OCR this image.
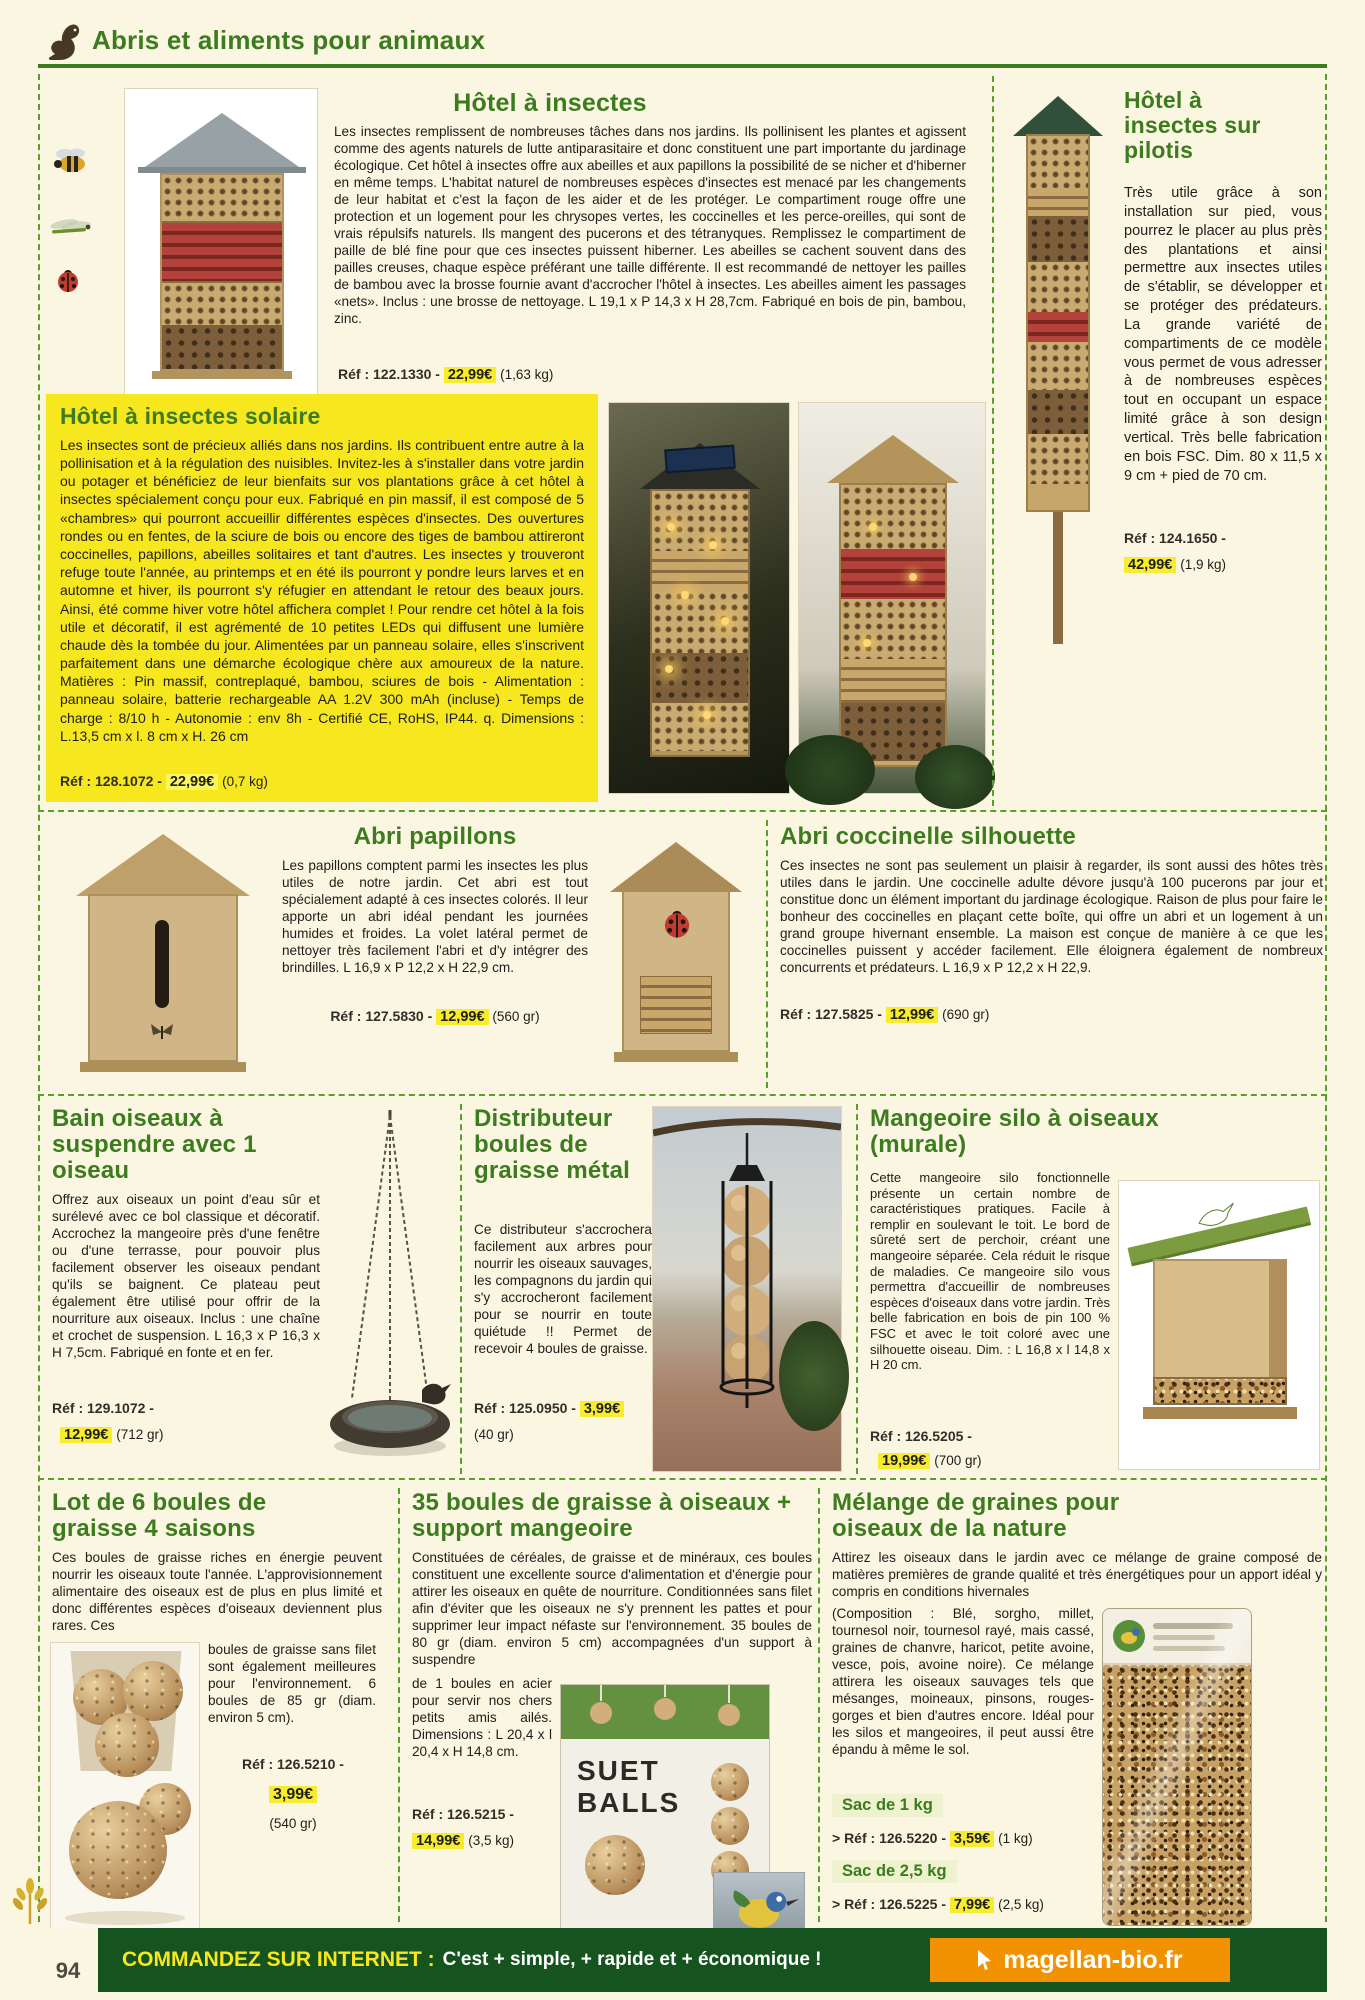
Abris et aliments pour animaux
Hôtel à insectes
Les insectes remplissent de nombreuses tâches dans nos jardins. Ils pollinisent les plantes et agissent comme des agents naturels de lutte antiparasitaire et donc constituent une part importante du jardinage écologique. Cet hôtel à insectes offre aux abeilles et aux papillons la possibilité de se nicher et d'hiberner en même temps. L'habitat naturel de nombreuses espèces d'insectes est menacé par les changements de leur habitat et c'est la façon de les aider et de les protéger. Le compartiment rouge offre une protection et un logement pour les chrysopes vertes, les coccinelles et les perce-oreilles, qui sont de vrais répulsifs naturels. Ils mangent des pucerons et des tétranyques. Remplissez le compartiment de paille de blé fine pour que ces insectes puissent hiberner. Les abeilles se cachent souvent dans des pailles creuses, chaque espèce préférant une taille différente. Il est recommandé de nettoyer les pailles de bambou avec la brosse fournie avant d'accrocher l'hôtel à insectes. Les abeilles aiment les passages «nets». Inclus : une brosse de nettoyage. L 19,1 x P 14,3 x H 28,7cm. Fabriqué en bois de pin, bambou, zinc.
Réf : 122.1330 - 22,99€ (1,63 kg)
Hôtel à insectes solaire
Les insectes sont de précieux alliés dans nos jardins. Ils contribuent entre autre à la pollinisation et à la régulation des nuisibles. Invitez-les à s'installer dans votre jardin ou potager et bénéficiez de leur bienfaits sur vos plantations grâce à cet hôtel à insectes spécialement conçu pour eux. Fabriqué en pin massif, il est composé de 5 «chambres» qui pourront accueillir différentes espèces d'insectes. Des ouvertures rondes ou en fentes, de la sciure de bois ou encore des tiges de bambou attireront coccinelles, papillons, abeilles solitaires et tant d'autres. Les insectes y trouveront refuge toute l'année, au printemps et en été ils pourront y pondre leurs larves et en automne et hiver, ils pourront s'y réfugier en attendant le retour des beaux jours. Ainsi, été comme hiver votre hôtel affichera complet ! Pour rendre cet hôtel à la fois utile et décoratif, il est agrémenté de 10 petites LEDs qui diffusent une lumière chaude dès la tombée du jour. Alimentées par un panneau solaire, elles s'inscrivent parfaitement dans une démarche écologique chère aux amoureux de la nature. Matières : Pin massif, contreplaqué, bambou, sciures de bois - Alimentation : panneau solaire, batterie rechargeable AA 1.2V 300 mAh (incluse) - Temps de charge : 8/10 h - Autonomie : env 8h - Certifié CE, RoHS, IP44. q. Dimensions : L.13,5 cm x l. 8 cm x H. 26 cm
Réf : 128.1072 - 22,99€ (0,7 kg)
Hôtel à insectes sur pilotis
Très utile grâce à son installation sur pied, vous pourrez le placer au plus près des plantations et ainsi permettre aux insectes utiles de s'établir, se développer et se protéger des prédateurs. La grande variété de compartiments de ce modèle vous permet de vous adresser à de nombreuses espèces tout en occupant un espace limité grâce à son design vertical. Très belle fabrication en bois FSC. Dim. 80 x 11,5 x 9 cm + pied de 70 cm.
Réf : 124.1650 -
42,99€ (1,9 kg)
Abri papillons
Les papillons comptent parmi les insectes les plus utiles de notre jardin. Cet abri est tout spécialement adapté à ces insectes colorés. Il leur apporte un abri idéal pendant les journées humides et froides. La volet latéral permet de nettoyer très facilement l'abri et d'y intégrer des brindilles. L 16,9 x P 12,2 x H 22,9 cm.
Réf : 127.5830 - 12,99€ (560 gr)
Abri coccinelle silhouette
Ces insectes ne sont pas seulement un plaisir à regarder, ils sont aussi des hôtes très utiles dans le jardin. Une coccinelle adulte dévore jusqu'à 100 pucerons par jour et constitue donc un élément important du jardinage écologique. Raison de plus pour faire le bonheur des coccinelles en plaçant cette boîte, qui offre un abri et un logement à un grand groupe hivernant ensemble. La maison est conçue de manière à ce que les coccinelles puissent y accéder facilement. Elle éloignera également de nombreux concurrents et prédateurs. L 16,9 x P 12,2 x H 22,9.
Réf : 127.5825 - 12,99€ (690 gr)
Bain oiseaux à suspendre avec 1 oiseau
Offrez aux oiseaux un point d'eau sûr et surélevé avec ce bol classique et décoratif. Accrochez la mangeoire près d'une fenêtre ou d'une terrasse, pour pouvoir plus facilement observer les oiseaux pendant qu'ils se baignent. Ce plateau peut également être utilisé pour offrir de la nourriture aux oiseaux. Inclus : une chaîne et crochet de suspension. L 16,3 x P 16,3 x H 7,5cm. Fabriqué en fonte et en fer.
Réf : 129.1072 -
12,99€ (712 gr)
Distributeur boules de graisse métal
Ce distributeur s'accrochera facilement aux arbres pour nourrir les oiseaux sauvages, les compagnons du jardin qui s'y accrocheront facilement pour se nourrir en toute quiétude !! Permet de recevoir 4 boules de graisse.
Réf : 125.0950 - 3,99€
(40 gr)
Mangeoire silo à oiseaux (murale)
Cette mangeoire silo fonctionnelle présente un certain nombre de caractéristiques pratiques. Facile à remplir en soulevant le toit. Le bord de sûreté sert de perchoir, créant une mangeoire séparée. Cela réduit le risque de maladies. Ce mangeoire silo vous permettra d'accueillir de nombreuses espèces d'oiseaux dans votre jardin. Très belle fabrication en bois de pin 100 % FSC et avec le toit coloré avec une silhouette oiseau. Dim. : L 16,8 x l 14,8 x H 20 cm.
Réf : 126.5205 -
19,99€ (700 gr)
Lot de 6 boules de graisse 4 saisons
Ces boules de graisse riches en énergie peuvent nourrir les oiseaux toute l'année. L'approvisionnement alimentaire des oiseaux est de plus en plus limité et donc différentes espèces d'oiseaux deviennent plus rares. Ces
boules de graisse sans filet sont également meilleures pour l'environnement. 6 boules de 85 gr (diam. environ 5 cm).
Réf : 126.5210 -
3,99€
(540 gr)
35 boules de graisse à oiseaux + support mangeoire
Constituées de céréales, de graisse et de minéraux, ces boules constituent une excellente source d'alimentation et d'énergie pour attirer les oiseaux en quête de nourriture. Conditionnées sans filet afin d'éviter que les oiseaux ne s'y prennent les pattes et pour supprimer leur impact néfaste sur l'environnement. 35 boules de 80 gr (diam. environ 5 cm) accompagnées d'un support à suspendre
de 1 boules en acier pour servir nos chers petits amis ailés. Dimensions : L 20,4 x l 20,4 x H 14,8 cm.
Réf : 126.5215 -
14,99€ (3,5 kg)
SUET
BALLS
Mélange de graines pour oiseaux de la nature
Attirez les oiseaux dans le jardin avec ce mélange de graine composé de matières premières de grande qualité et très énergétiques pour un apport idéal y compris en conditions hivernales
(Composition : Blé, sorgho, millet, tournesol noir, tournesol rayé, mais cassé, graines de chanvre, haricot, petite avoine, vesce, pois, avoine noire). Ce mélange attirera les oiseaux sauvages tels que mésanges, moineaux, pinsons, rouges-gorges et bien d'autres encore. Idéal pour les silos et mangeoires, il peut aussi être épandu à même le sol.
Sac de 1 kg
> Réf : 126.5220 - 3,59€ (1 kg)
Sac de 2,5 kg
> Réf : 126.5225 - 7,99€ (2,5 kg)
94	COMMANDEZ SUR INTERNET : C'est + simple, + rapide et + économique !	magellan-bio.fr
